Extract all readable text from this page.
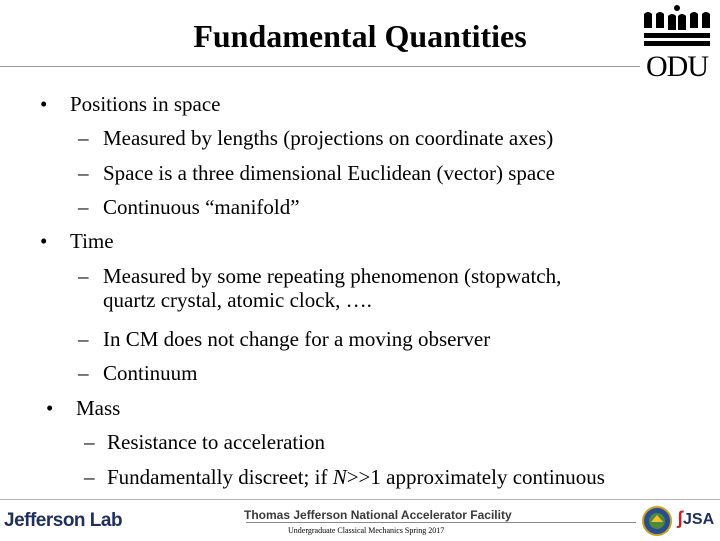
Fundamental Quantities
ODU
• Positions in space
– Measured by lengths (projections on coordinate axes)
– Space is a three dimensional Euclidean (vector) space
– Continuous “manifold”
• Time
– Measured by some repeating phenomenon (stopwatch,
quartz crystal, atomic clock, ….
– In CM does not change for a moving observer
– Continuum
• Mass
– Resistance to acceleration
– Fundamentally discreet; if N>>1 approximately continuous
Jefferson Lab	Thomas Jefferson National Accelerator Facility
Undergraduate Classical Mechanics Spring 2017
ʃJSA
